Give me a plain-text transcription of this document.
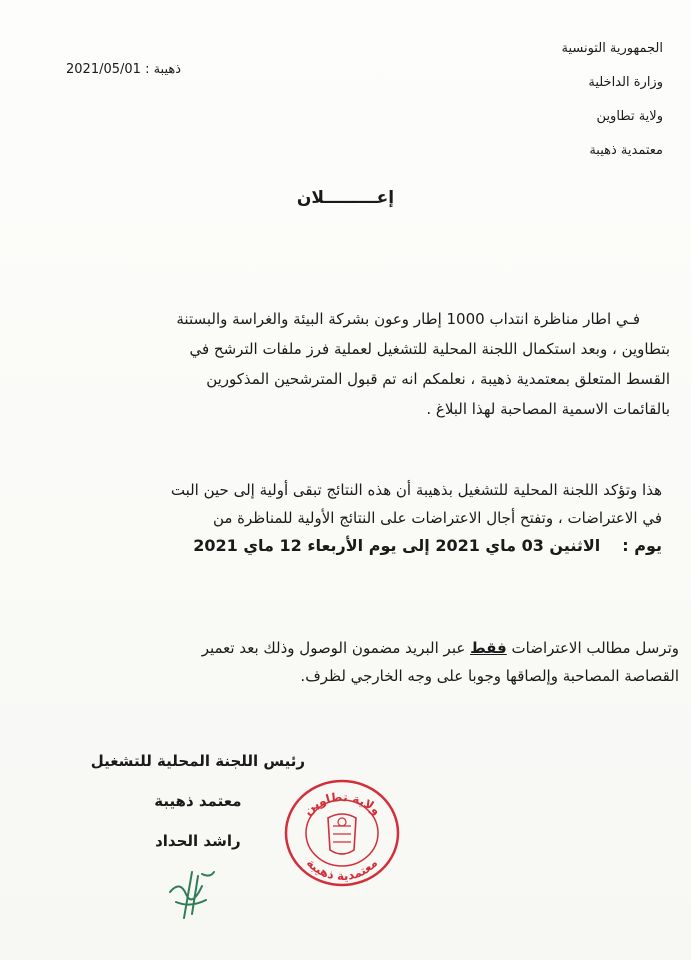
الجمهورية التونسية
وزارة الداخلية
ولاية تطاوين
معتمدية ذهيبة
ذهيبة : 2021/05/01
إعـــــــــلان
فـي اطار مناظرة انتداب 1000 إطار وعون بشركة البيئة والغراسة والبستنة
بتطاوين ، وبعد استكمال اللجنة المحلية للتشغيل لعملية فرز ملفات الترشح في
القسط المتعلق بمعتمدية ذهيبة ، نعلمكم انه تم قبول المترشحين المذكورين
بالقائمات الاسمية المصاحبة لهذا البلاغ .
هذا وتؤكد اللجنة المحلية للتشغيل بذهيبة أن هذه النتائج تبقى أولية إلى حين البت
في الاعتراضات ، وتفتح أجال الاعتراضات على النتائج الأولية للمناظرة من
يوم :الاثنين 03 ماي 2021 إلى يوم الأربعاء 12 ماي 2021
وترسل مطالب الاعتراضات فقط عبر البريد مضمون الوصول وذلك بعد تعمير
القصاصة المصاحبة وإلصاقها وجوبا على وجه الخارجي لظرف.
رئيس اللجنة المحلية للتشغيل
معتمد ذهيبة
راشد الحداد
ولاية تطاوين
معتمدية ذهيبة
